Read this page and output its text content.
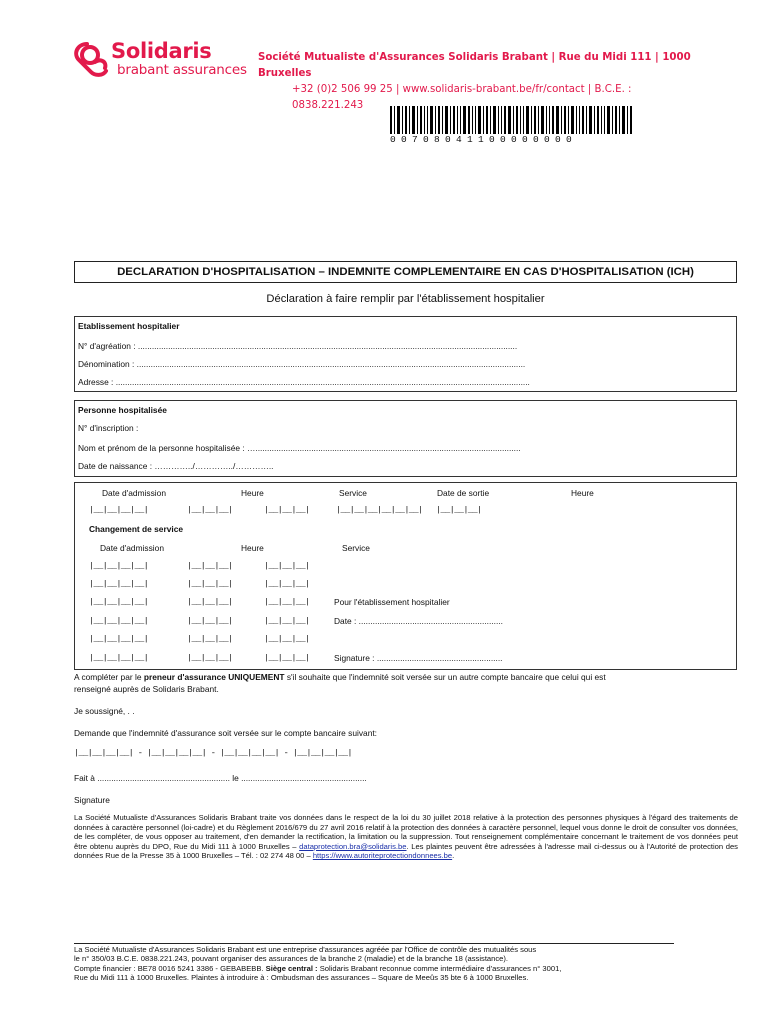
Solidaris
brabant assurances
Société Mutualiste d'Assurances Solidaris Brabant | Rue du Midi 111 | 1000 Bruxelles
+32 (0)2 506 99 25 | www.solidaris-brabant.be/fr/contact | B.C.E. : 0838.221.243
00708041100000000
DECLARATION D'HOSPITALISATION – INDEMNITE COMPLEMENTAIRE EN CAS D'HOSPITALISATION (ICH)
Déclaration à faire remplir par l'établissement hospitalier
Etablissement hospitalier
N° d'agréation : ...................................................................................................................................................................
Dénomination : .......................................................................................................................................................................
Adresse : ..................................................................................................................................................................................
Personne hospitalisée
N° d'inscription :
Nom et prénom de la personne hospitalisée : …..................................................................................................................
Date de naissance : …………../…………../…………..
Date d'admission	Heure	Service	Date de sortie	Heure
|__|__|__|__|	|__|__|__|	|__|__|__|	|__|__|__|__|__|__| |__|__|__|
Changement de service
Date d'admission	Heure	Service
|__|__|__|__|	|__|__|__|	|__|__|__|
|__|__|__|__|	|__|__|__|	|__|__|__|
|__|__|__|__|	|__|__|__|	|__|__|__|	Pour l'établissement hospitalier
|__|__|__|__|	|__|__|__|	|__|__|__|	Date : ..............................................................
|__|__|__|__|	|__|__|__|	|__|__|__|
|__|__|__|__|	|__|__|__|	|__|__|__|	Signature : ......................................................
A compléter par le preneur d'assurance UNIQUEMENT s'il souhaite que l'indemnité soit versée sur un autre compte bancaire que celui qui est
renseigné auprès de Solidaris Brabant.
Je soussigné, . .
Demande que l'indemnité d'assurance soit versée sur le compte bancaire suivant:
|__|__|__|__| - |__|__|__|__| - |__|__|__|__| - |__|__|__|__|
Fait à ......................................................... le ......................................................
Signature
La Société Mutualiste d'Assurances Solidaris Brabant traite vos données dans le respect de la loi du 30 juillet 2018 relative à la protection des personnes physiques à l'égard des traitements de données à caractère personnel (loi-cadre) et du Règlement 2016/679 du 27 avril 2016 relatif à la protection des données à caractère personnel, lequel vous donne le droit de consulter vos données, de les compléter, de vous opposer au traitement, d'en demander la rectification, la limitation ou la suppression. Tout renseignement complémentaire concernant le traitement de vos données peut être obtenu auprès du DPO, Rue du Midi 111 à 1000 Bruxelles – dataprotection.bra@solidaris.be. Les plaintes peuvent être adressées à l'adresse mail ci-dessus ou à l'Autorité de protection des données Rue de la Presse 35 à 1000 Bruxelles – Tél. : 02 274 48 00 – https://www.autoriteprotectiondonnees.be.
La Société Mutualiste d'Assurances Solidaris Brabant est une entreprise d'assurances agréée par l'Office de contrôle des mutualités sous
le n° 350/03 B.C.E. 0838.221.243, pouvant organiser des assurances de la branche 2 (maladie) et de la branche 18 (assistance).
Compte financier : BE78 0016 5241 3386 - GEBABEBB. Siège central : Solidaris Brabant reconnue comme intermédiaire d'assurances n° 3001,
Rue du Midi 111 à 1000 Bruxelles. Plaintes à introduire à : Ombudsman des assurances – Square de Meeûs 35 bte 6 à 1000 Bruxelles.
